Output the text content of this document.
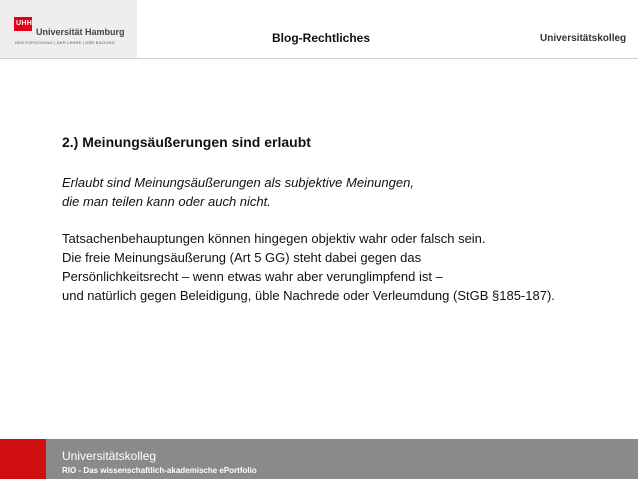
UHH
Universität Hamburg
DER FORSCHUNG | DER LEHRE | DER BILDUNG	Blog-Rechtliches	Universitätskolleg
2.) Meinungsäußerungen sind erlaubt
Erlaubt sind Meinungsäußerungen als subjektive Meinungen,
die man teilen kann oder auch nicht.
Tatsachenbehauptungen können hingegen objektiv wahr oder falsch sein.
Die freie Meinungsäußerung (Art 5 GG) steht dabei gegen das
Persönlichkeitsrecht – wenn etwas wahr aber verunglimpfend ist –
und natürlich gegen Beleidigung, üble Nachrede oder Verleumdung (StGB §185-187).
Universitätskolleg
RIO - Das wissenschaftlich-akademische ePortfolio
